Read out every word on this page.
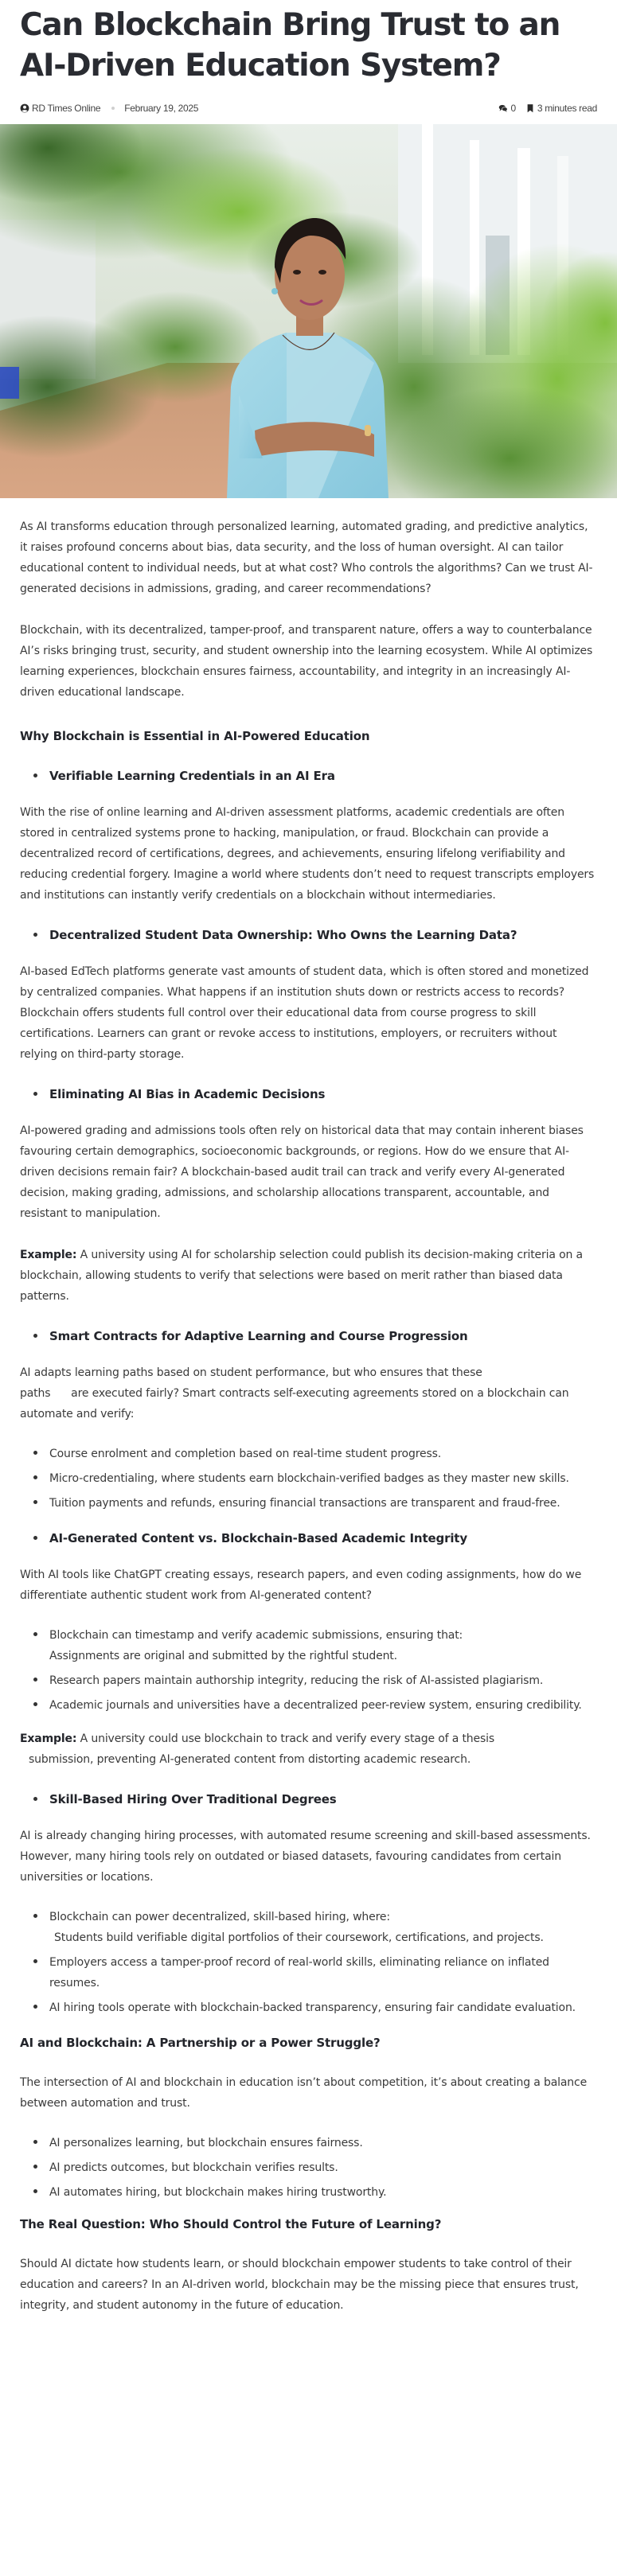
Can Blockchain Bring Trust to an AI-Driven Education System?
RD Times Online	February 19, 2025	0 3 minutes read

As AI transforms education through personalized learning, automated grading, and predictive analytics, it raises profound concerns about bias, data security, and the loss of human oversight. AI can tailor educational content to individual needs, but at what cost? Who controls the algorithms? Can we trust AI-generated decisions in admissions, grading, and career recommendations?

Blockchain, with its decentralized, tamper-proof, and transparent nature, offers a way to counterbalance AI’s risks bringing trust, security, and student ownership into the learning ecosystem. While AI optimizes learning experiences, blockchain ensures fairness, accountability, and integrity in an increasingly AI-driven educational landscape.

Why Blockchain is Essential in AI-Powered Education
Verifiable Learning Credentials in an AI Era

With the rise of online learning and AI-driven assessment platforms, academic credentials are often stored in centralized systems prone to hacking, manipulation, or fraud. Blockchain can provide a decentralized record of certifications, degrees, and achievements, ensuring lifelong verifiability and reducing credential forgery. Imagine a world where students don’t need to request transcripts employers and institutions can instantly verify credentials on a blockchain without intermediaries.

Decentralized Student Data Ownership: Who Owns the Learning Data?

AI-based EdTech platforms generate vast amounts of student data, which is often stored and monetized by centralized companies. What happens if an institution shuts down or restricts access to records? Blockchain offers students full control over their educational data from course progress to skill certifications. Learners can grant or revoke access to institutions, employers, or recruiters without relying on third-party storage.

Eliminating AI Bias in Academic Decisions

AI-powered grading and admissions tools often rely on historical data that may contain inherent biases favouring certain demographics, socioeconomic backgrounds, or regions. How do we ensure that AI-driven decisions remain fair? A blockchain-based audit trail can track and verify every AI-generated decision, making grading, admissions, and scholarship allocations transparent, accountable, and resistant to manipulation.

Example: A university using AI for scholarship selection could publish its decision-making criteria on a blockchain, allowing students to verify that selections were based on merit rather than biased data patterns.

Smart Contracts for Adaptive Learning and Course Progression

AI adapts learning paths based on student performance, but who ensures that these
paths      are executed fairly? Smart contracts self-executing agreements stored on a blockchain can automate and verify:

Course enrolment and completion based on real-time student progress.
Micro-credentialing, where students earn blockchain-verified badges as they master new skills.
Tuition payments and refunds, ensuring financial transactions are transparent and fraud-free.
AI-Generated Content vs. Blockchain-Based Academic Integrity

With AI tools like ChatGPT creating essays, research papers, and even coding assignments, how do we differentiate authentic student work from AI-generated content?

Blockchain can timestamp and verify academic submissions, ensuring that:
Assignments are original and submitted by the rightful student.
Research papers maintain authorship integrity, reducing the risk of AI-assisted plagiarism.
Academic journals and universities have a decentralized peer-review system, ensuring credibility.

Example: A university could use blockchain to track and verify every stage of a thesis
submission, preventing AI-generated content from distorting academic research.

Skill-Based Hiring Over Traditional Degrees

AI is already changing hiring processes, with automated resume screening and skill-based assessments. However, many hiring tools rely on outdated or biased datasets, favouring candidates from certain universities or locations.

Blockchain can power decentralized, skill-based hiring, where:

Students build verifiable digital portfolios of their coursework, certifications, and projects.
Employers access a tamper-proof record of real-world skills, eliminating reliance on inflated resumes.
AI hiring tools operate with blockchain-backed transparency, ensuring fair candidate evaluation.
AI and Blockchain: A Partnership or a Power Struggle?

The intersection of AI and blockchain in education isn’t about competition, it’s about creating a balance between automation and trust.

AI personalizes learning, but blockchain ensures fairness.
AI predicts outcomes, but blockchain verifies results.
AI automates hiring, but blockchain makes hiring trustworthy.
The Real Question: Who Should Control the Future of Learning?

Should AI dictate how students learn, or should blockchain empower students to take control of their education and careers? In an AI-driven world, blockchain may be the missing piece that ensures trust, integrity, and student autonomy in the future of education.
